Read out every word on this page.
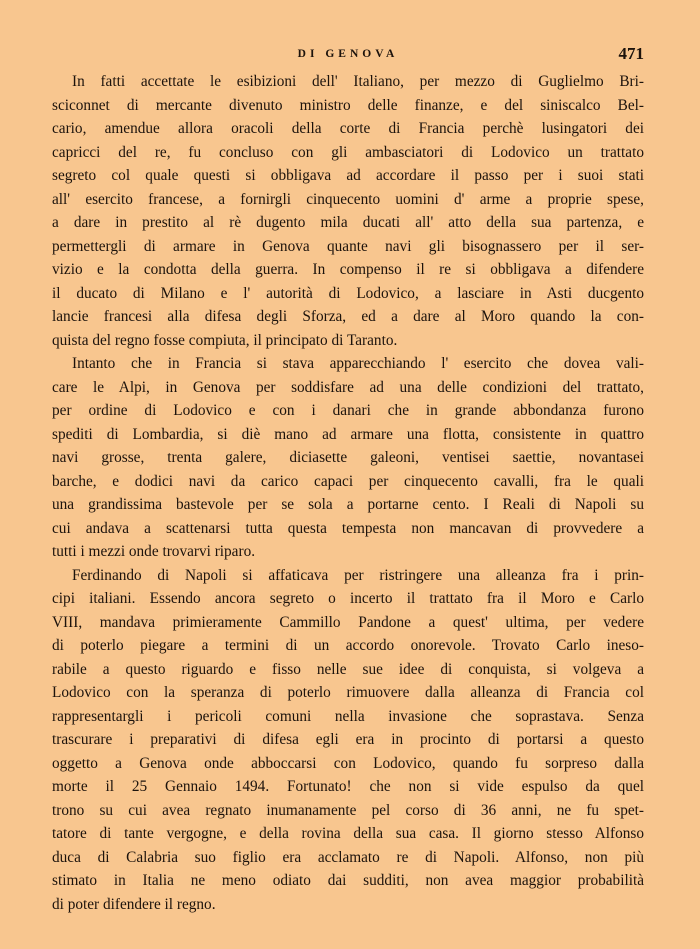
DI GENOVA	471
In fatti accettate le esibizioni dell' Italiano, per mezzo di Guglielmo Bri-
sciconnet di mercante divenuto ministro delle finanze, e del siniscalco Bel-
cario, amendue allora oracoli della corte di Francia perchè lusingatori dei
capricci del re, fu concluso con gli ambasciatori di Lodovico un trattato
segreto col quale questi si obbligava ad accordare il passo per i suoi stati
all' esercito francese, a fornirgli cinquecento uomini d' arme a proprie spese,
a dare in prestito al rè dugento mila ducati all' atto della sua partenza, e
permettergli di armare in Genova quante navi gli bisognassero per il ser-
vizio e la condotta della guerra. In compenso il re si obbligava a difendere
il ducato di Milano e l' autorità di Lodovico, a lasciare in Asti ducgento
lancie francesi alla difesa degli Sforza, ed a dare al Moro quando la con-
quista del regno fosse compiuta, il principato di Taranto.
Intanto che in Francia si stava apparecchiando l' esercito che dovea vali-
care le Alpi, in Genova per soddisfare ad una delle condizioni del trattato,
per ordine di Lodovico e con i danari che in grande abbondanza furono
spediti di Lombardia, si diè mano ad armare una flotta, consistente in quattro
navi grosse, trenta galere, diciasette galeoni, ventisei saettie, novantasei
barche, e dodici navi da carico capaci per cinquecento cavalli, fra le quali
una grandissima bastevole per se sola a portarne cento. I Reali di Napoli su
cui andava a scattenarsi tutta questa tempesta non mancavan di provvedere a
tutti i mezzi onde trovarvi riparo.
Ferdinando di Napoli si affaticava per ristringere una alleanza fra i prin-
cipi italiani. Essendo ancora segreto o incerto il trattato fra il Moro e Carlo
VIII, mandava primieramente Cammillo Pandone a quest' ultima, per vedere
di poterlo piegare a termini di un accordo onorevole. Trovato Carlo ineso-
rabile a questo riguardo e fisso nelle sue idee di conquista, si volgeva a
Lodovico con la speranza di poterlo rimuovere dalla alleanza di Francia col
rappresentargli i pericoli comuni nella invasione che soprastava. Senza
trascurare i preparativi di difesa egli era in procinto di portarsi a questo
oggetto a Genova onde abboccarsi con Lodovico, quando fu sorpreso dalla
morte il 25 Gennaio 1494. Fortunato! che non si vide espulso da quel
trono su cui avea regnato inumanamente pel corso di 36 anni, ne fu spet-
tatore di tante vergogne, e della rovina della sua casa. Il giorno stesso Alfonso
duca di Calabria suo figlio era acclamato re di Napoli. Alfonso, non più
stimato in Italia ne meno odiato dai sudditi, non avea maggior probabilità
di poter difendere il regno.
